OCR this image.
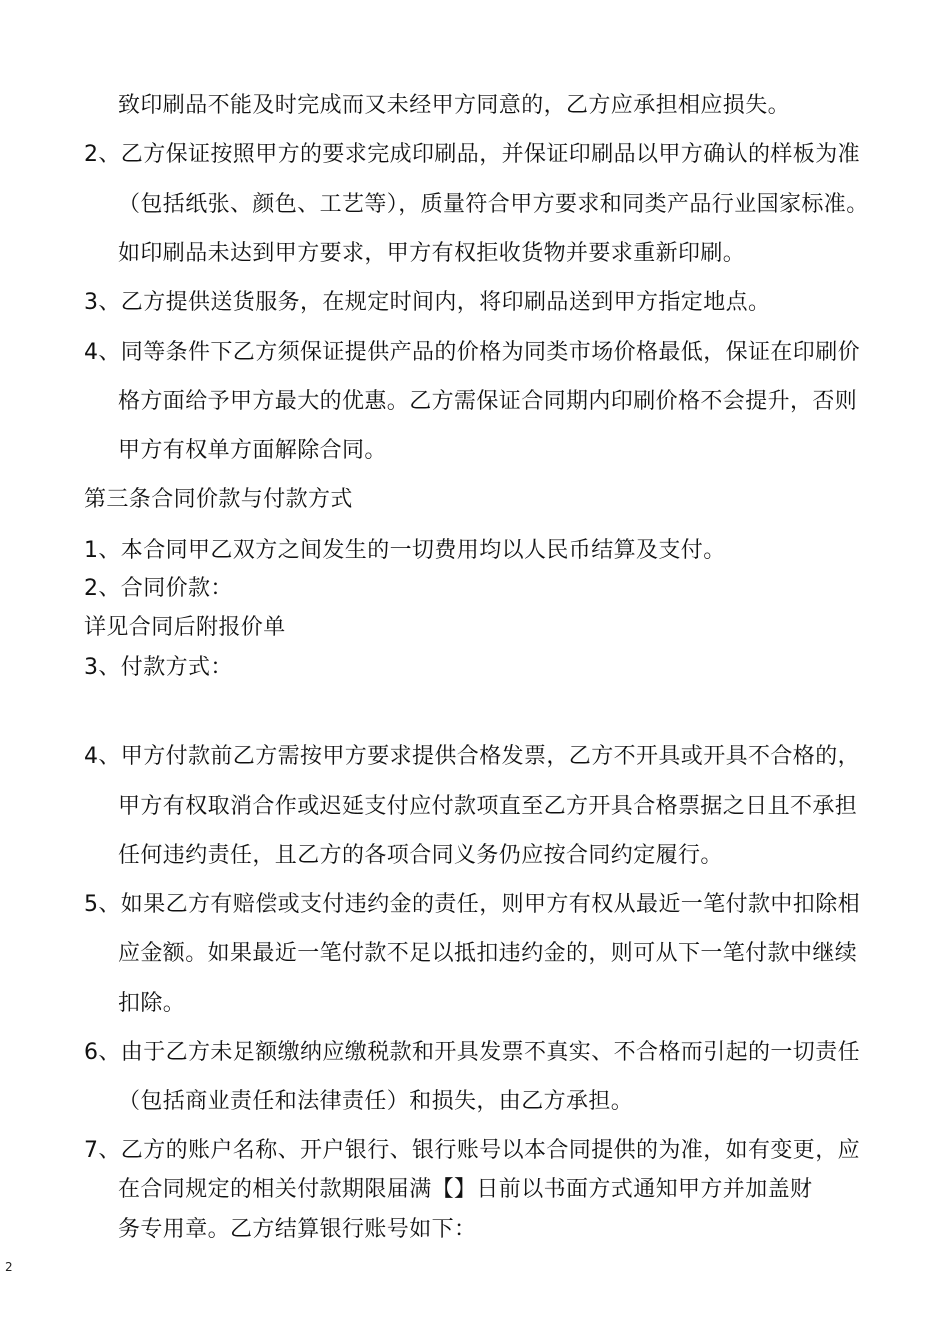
致印刷品不能及时完成而又未经甲方同意的，乙方应承担相应损失。
2、乙方保证按照甲方的要求完成印刷品，并保证印刷品以甲方确认的样板为准
（包括纸张、颜色、工艺等），质量符合甲方要求和同类产品行业国家标准。
如印刷品未达到甲方要求，甲方有权拒收货物并要求重新印刷。
3、乙方提供送货服务，在规定时间内，将印刷品送到甲方指定地点。
4、同等条件下乙方须保证提供产品的价格为同类市场价格最低，保证在印刷价
格方面给予甲方最大的优惠。乙方需保证合同期内印刷价格不会提升，否则
甲方有权单方面解除合同。
第三条合同价款与付款方式
1、本合同甲乙双方之间发生的一切费用均以人民币结算及支付。
2、合同价款：
详见合同后附报价单
3、付款方式：
4、甲方付款前乙方需按甲方要求提供合格发票，乙方不开具或开具不合格的，
甲方有权取消合作或迟延支付应付款项直至乙方开具合格票据之日且不承担
任何违约责任，且乙方的各项合同义务仍应按合同约定履行。
5、如果乙方有赔偿或支付违约金的责任，则甲方有权从最近一笔付款中扣除相
应金额。如果最近一笔付款不足以抵扣违约金的，则可从下一笔付款中继续
扣除。
6、由于乙方未足额缴纳应缴税款和开具发票不真实、不合格而引起的一切责任
（包括商业责任和法律责任）和损失，由乙方承担。
7、乙方的账户名称、开户银行、银行账号以本合同提供的为准，如有变更，应
在合同规定的相关付款期限届满【】日前以书面方式通知甲方并加盖财
务专用章。乙方结算银行账号如下：
2
